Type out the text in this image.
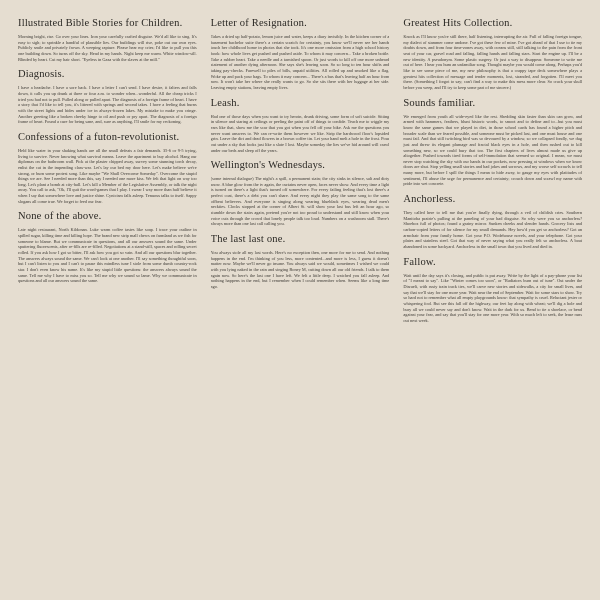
Illustrated Bible Stories for Children.

Morning bright, rise. Go over your lines. Iron your carefully crafted disguise. We'd all like to sing. It's easy to sigh; to sprinkle a handful of plausible lies. Our buildings will rise, poke out our own eyes. Publicly smile and privately frown. A weeping rapture. Please hear my cries; I'd like to pull you this one building down. So turns off the sky. Head in my hands. Night keep me warm. White window-sill. Blinded by heart. Cut my hair short. "Eyeless in Gaza with the slaves at the mill."

Diagnosis.

I have a headache. I have a sore back. I have a letter I can't send. I have desire, it falters and falls down, it calls you up drunk at three or four a.m. to wonder when...wonderful. All the cheap tricks I tried you had not to pull. Pulled along or pulled apart. The diagnosis of a foreign frame of heart. I have a story that I'd like to tell you, it's littered with springs and second takes. I have a feeling that burns with the street lights and hides under ice in always-frozen lakes. My mistake to make you cringe. Another greeting like a broken cheeky hinge to oil and push or pry apart. The diagnosis of a foreign frame of heart. Found a cure for being sane, and, sure as anything, I'll smile for my reckoning.

Confessions of a futon-revolutionist.

Held like water in your shaking hands are all the small defeats a fair demands. 35-6 or 9-5 trying, living to survive. Never knowing what survival means. Leave the apartment to buy alcohol. Hang our diplomas on the bathroom wall. Pick at the plaster chipped away, survey some stunning torch decay, enlist the cat in the impending class-war. Let's lay our bed my door here. Let's make believe we're strong, or burn some protest song. Like maybe "We Shall Overcome Someday". Overcome the stupid things we are. See I needed more than this, say I needed one more kiss. We felt that light on way too long. Let's plant a bomb at city-hall. Let's kill a Member of the Legislative Assembly, or talk the night away. You call to ask, "Ok, I'll quit the word-games that I play. I swear I way more than half believe it when I say that somewhere love and justice shine. Cynicism falls asleep. Tenuous talks to itself. Sappy slogans all come true. We forget to feed our fear.

None of the above.

Late night restaurant, North Kildonan. Luke warm coffee tastes like soap. I trace your outline in spilled sugar, killing time and killing hope. The brand new strip mall chews on farmland as we fish for someone to blame. But we communicate in questions, and all our answers sound the same. Under sputtering fluorescents, after re-fills are re-filled. Negotiations at a stand-still, spaces and rolling secret rolled. If you ask how I got so bitter, I'll ask how you got so vain. And all our questions blur together. The answers always sound the same. We can't look at one another. I'll say something thoughtful soon, but I can't listen to you and I can't to pause this mindless tune I stole from some dumb country-rock star. I don't even know his name. It's like my stupid little questions: the answers always sound the same. Tell me why I have to miss you so. Tell me why we sound so lame. Why we communicate in questions and all our answers sound the same.

Letter of Resignation.

Takes a dried up half-potato, lemon juice and water, keeps a diary invisibly. In the kitchen corner of a basement bachelor suite there's a certain scratch for certainty, you know we'll never see her hands touch her childhood home in photos that she took. It's one more omission from a high school history book: how whole lives get pushed and pushed aside. To whom it may concern... Take a broken bottle. Take a rubber heart. Take a needle and a tarnished spoon. Or just words to kill off one more unheard statement of another dying afternoon. She says she's leaving soon. So so long to ten hour shifts and taking pay-checks. Farewell to piles of bills, unpaid utilities. All rolled up and smoked like a flag. Woke up and pack your bags. To whom it may concern... There's a bus that's leaving half an hour from now. It won't take her where she really wants to go. So she sits there with her luggage at her side. Leaving empty stations, leaving empty lives.

Leash.

Had one of those days when you want to try heroin, drunk driving, some form of soft suicide. Sitting in silence and staring at ceilings or peeling the paint off of things to confide. Teach me to wiggle my ears like that, show me the scar that you got when you fell off your bike. Ask me the questions you never want answers to. We can re-write them however we like. Strip the hardwood floor's lopsided grin. Leave the dirt and dead flowers in a brown coffee tin. Let your hand melt a hole in the frost. Pour out under a sky that looks just like a slate I lost. Maybe someday the lies we've hid around will crawl under our beds and sleep off the years.

Wellington's Wednesdays.

(some internal dialogue) The night's a spill, a permanent stain; the city sinks in silence, salt and dirty snow. A blue glow from the tv again, the curtains never open, faces never show. And every time a light is turned on there's a light that's turned off somewhere. For every failing feeling that's lost there's a perfect coat, there's a debt you can't share. And every night they play the same song to the same offbeat believers. And everyone is singing along wearing blueblack eyes, wearing dead men's neckties. Clocks stopped at the corner of Albert St. will show your last bus left an hour ago, so stumble down the stairs again, pretend you're not too proud to understand and still know when your voice cuts through the crowd that lonely people talk too loud. Numbers on a washroom stall. There's always more than one last call calling you.

The last last one.

You always stole all my last words. Here's no exception then, one more for me to send. And nothing happens in the end. I'm thinking of you less, more contented...and more is less, I guess it doesn't matter now. Maybe we'll never go insane. You always said we would, sometimes I wished we could with you lying naked in the rain and singing Boney M, cutting down all our old friends. I talk to them again now. So here's the last one I have left. We felt a little deep. I watched you fall asleep. And nothing happens in the end, but I remember when I could remember when. Seems like a long time ago.

Greatest Hits Collection.

Knock as I'll know you're still there, half listening, interrupting the air. Full of falling foreign tongue, my dialect of stammer come undone. I've got these few of mine. I've got ahead of that I use to tie my doubts down, and from four time-zones away, with oceans still, still talking to the pain from the front seat of your car, gravel road and falling, falling hands and falling stars. Start the engine up. I'll be a new identity. A pseudonym. Some plastic surgery. Or just a way to disappear. Someone to write me out of here. I hear you hum an unfamiliar song. Thought maybe you would come along. Perhaps you'd like to see some piece of me, my new philosophy is that a crappy tape deck somewhere plays a greatest hits collection of message and tender moments, lost, stranded, and forgotten. I'll meet you there. (Something I forgot to say; can't find a way to make this mess more clear. So crack your skull before you weep, and I'll try to keep some part of me sincere.)

Sounds familiar.

We emerged from youth all wide-eyed like the rest. Shedding skin faster than skin can grow, and armed with hammers, feathers, blunt historic words, to smoot and to define and to...but you must know the same games that we played in diet, in those school cards has found a higher pitch and broader scale than we feared possible, and someone must be picked last, and one must house and one must fail. And that still twitching bird was so devoured by a window, so we collapsed fondly, we dug just and threw its elegant plumage and fractal black eyes in a hole, and then rushed out to kill something new, so we could bury that too. The first chapters of lives almost made us give up altogether. Pushed towards tired forms of self-immolation that seemed so original. I mean, we must never stop watching the sky with our hands in our pockets, now pressing at windows when we know doors are shut. Stop yelling small stories and bad jokes and sorrows, and my worse self scrawls to tell many more, but before I spill the things I mean to hide away, to gauge my eyes with platitudes of sentiment, I'll abuse the urge for permanence and certainty; crouch down and scrawl my name with pride into wet concrete.

Anchorless.

They called here to tell me that you're finally dying, through a veil of childish cries. Southern Manitoba prairie's pulling at the paneling of your bad disguise. So why were you so anchorless? Shoebox full of photos; found a grainy mirror. Sunken cheeks and slender hands. Grocery lists and carbon-copied letters of for silence for my small demands. Hey how'd you get so anchorless? Got an armchair from your family home. Got your P.O. Wodehouse novels, and your telephone. Got your plates and stainless steel. Got that way of never saying what you really felt so anchorless. A boat abandoned in some backyard. Anchorless in the small town that you lived and died in.

Fallow.

Wait until the day says it's closing, and public is put away. Write by the light of a pay-phone your list of "I meant to say". Like "Winter comes too soon", or "Radiators burn out of tune". Out under the Disraeli, with rusty train track ties, we'll carve new stories and sidewalks, a city for small lives, and say that we'll stay for one more year. Wait near the end of September. Wait for some stars to show. Try so hard not to remember what all empty playgrounds know: that sympathy is cruel. Reluctant jester or whispering fool. But see this fall off the highway, our feet lay along with wheat; we'll dig a hole and bury all we could never say and don't know. Wait in the dark for us. Bend to tie a shoelace, or bend against your fear, and say that you'll stay for one more year. With so much left to seek, the lease runs out next week.
